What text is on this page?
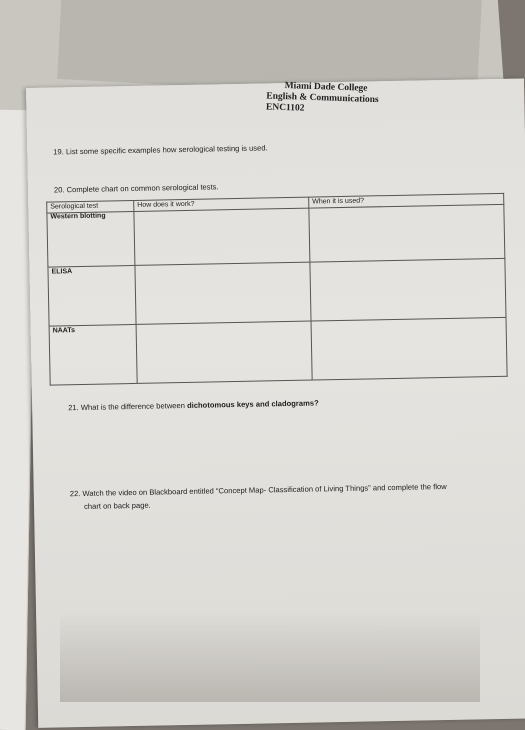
Miami Dade College
English & Communications
ENC1102
19. List some specific examples how serological testing is used.
20. Complete chart on common serological tests.
Serological test	How does it work?	When it is used?
Western blotting		
ELISA		
NAATs		
21. What is the difference between dichotomous keys and cladograms?
22. Watch the video on Blackboard entitled “Concept Map- Classification of Living Things” and complete the flow
chart on back page.
